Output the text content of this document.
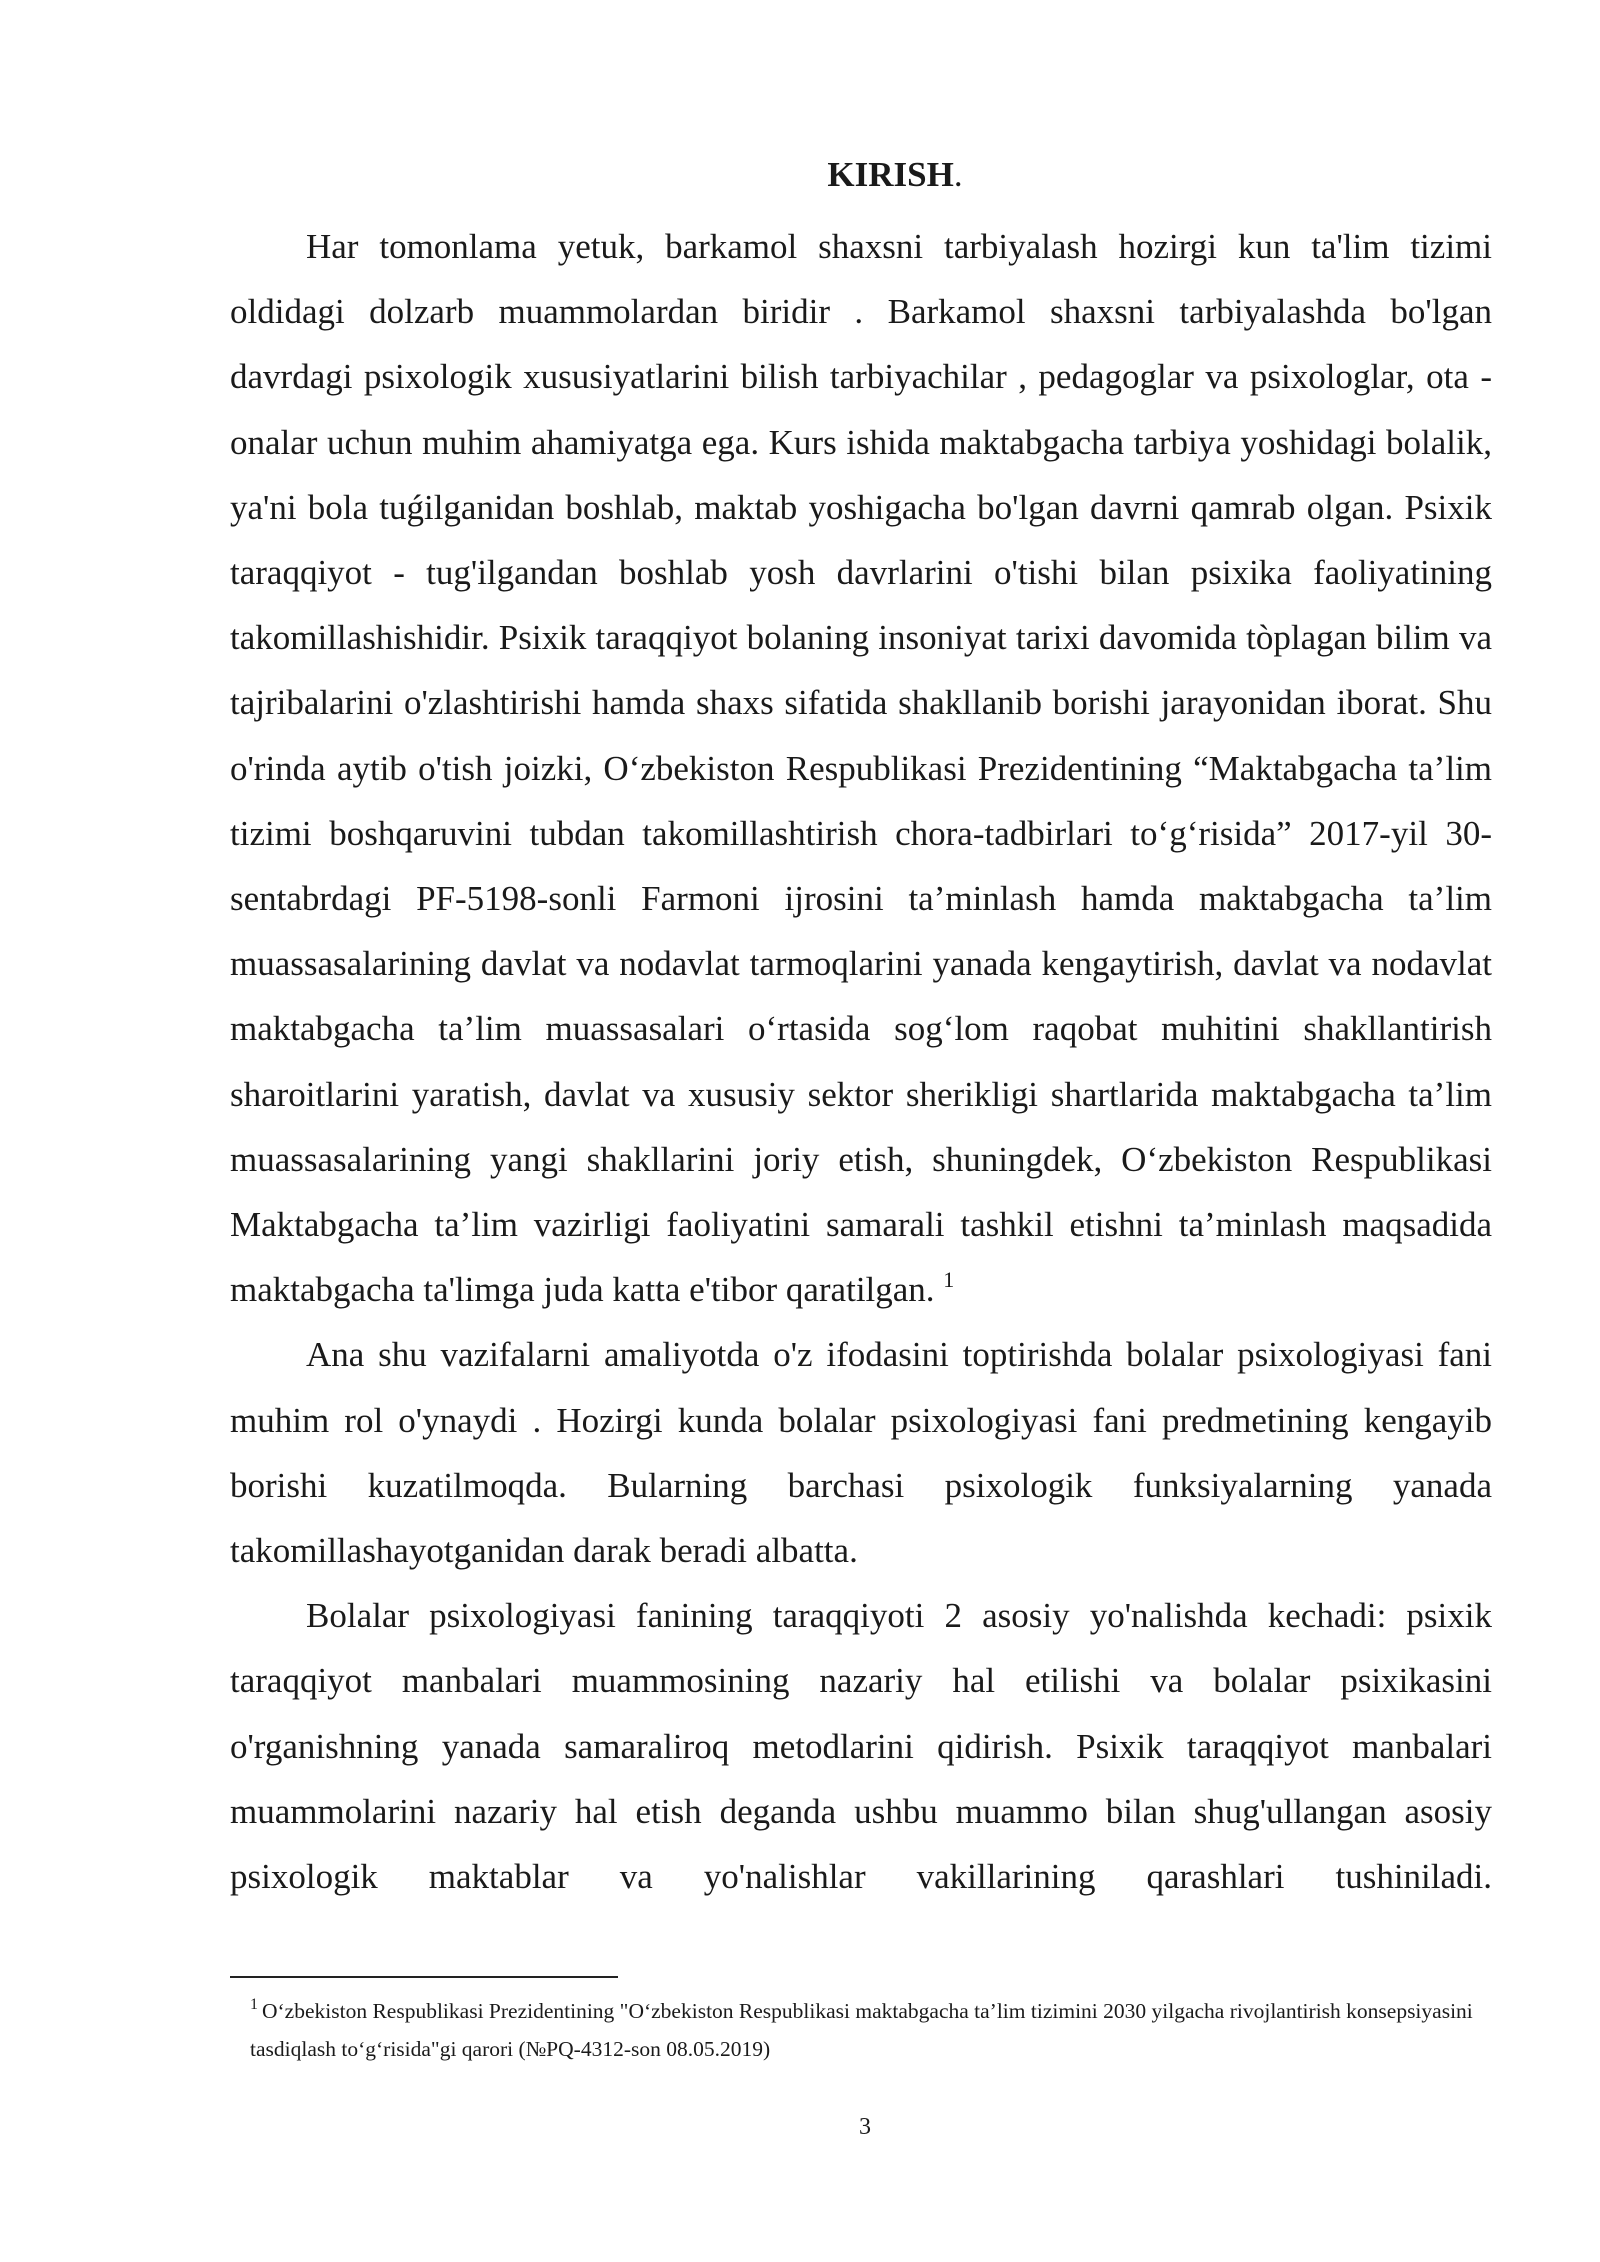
KIRISH.

Har tomonlama yetuk, barkamol shaxsni tarbiyalash hozirgi kun ta'lim tizimi oldidagi dolzarb muammolardan biridir . Barkamol shaxsni tarbiyalashda bo'lgan davrdagi psixologik xususiyatlarini bilish tarbiyachilar , pedagoglar va psixologlar, ota - onalar uchun muhim ahamiyatga ega. Kurs ishida maktabgacha tarbiya yoshidagi bolalik, ya'ni bola tuǵilganidan boshlab, maktab yoshigacha bo'lgan davrni qamrab olgan. Psixik taraqqiyot - tug'ilgandan boshlab yosh davrlarini o'tishi bilan psixika faoliyatining takomillashishidir. Psixik taraqqiyot bolaning insoniyat tarixi davomida tòplagan bilim va tajribalarini o'zlashtirishi hamda shaxs sifatida shakllanib borishi jarayonidan iborat. Shu o'rinda aytib o'tish joizki, O‘zbekiston Respublikasi Prezidentining “Maktabgacha ta’lim tizimi boshqaruvini tubdan takomillashtirish chora-tadbirlari to‘g‘risida” 2017-yil 30-sentabrdagi PF-5198-sonli Farmoni ijrosini ta’minlash hamda maktabgacha ta’lim muassasalarining davlat va nodavlat tarmoqlarini yanada kengaytirish, davlat va nodavlat maktabgacha ta’lim muassasalari o‘rtasida sog‘lom raqobat muhitini shakllantirish sharoitlarini yaratish, davlat va xususiy sektor sherikligi shartlarida maktabgacha ta’lim muassasalarining yangi shakllarini joriy etish, shuningdek, O‘zbekiston Respublikasi Maktabgacha ta’lim vazirligi faoliyatini samarali tashkil etishni ta’minlash maqsadida maktabgacha ta'limga juda katta e'tibor qaratilgan. $^1$

Ana shu vazifalarni amaliyotda o'z ifodasini toptirishda bolalar psixologiyasi fani muhim rol o'ynaydi . Hozirgi kunda bolalar psixologiyasi fani predmetining kengayib borishi kuzatilmoqda. Bularning barchasi psixologik funksiyalarning yanada takomillashayotganidan darak beradi albatta.

Bolalar psixologiyasi fanining taraqqiyoti 2 asosiy yo'nalishda kechadi: psixik taraqqiyot manbalari muammosining nazariy hal etilishi va bolalar psixikasini o'rganishning yanada samaraliroq metodlarini qidirish. Psixik taraqqiyot manbalari muammolarini nazariy hal etish deganda ushbu muammo bilan shug'ullangan asosiy psixologik maktablar va yo'nalishlar vakillarining qarashlari tushiniladi.

$^1$ O‘zbekiston Respublikasi Prezidentining "O‘zbekiston Respublikasi maktabgacha ta’lim tizimini 2030 yilgacha rivojlantirish konsepsiyasini tasdiqlash to‘g‘risida"gi qarori (№PQ-4312-son 08.05.2019)

3
